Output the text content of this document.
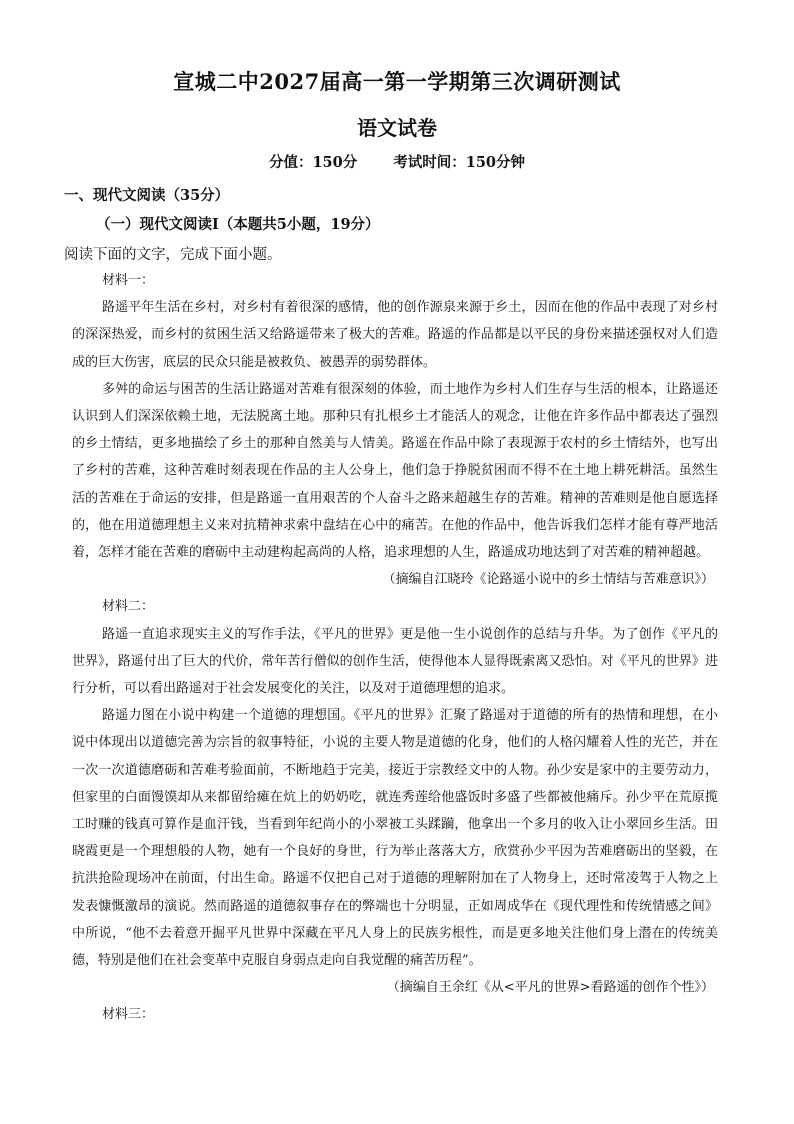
宣城二中2027届高一第一学期第三次调研测试
语文试卷
分值：150分 考试时间：150分钟
一、现代文阅读（35分）
（一）现代文阅读Ⅰ（本题共5小题，19分）
阅读下面的文字，完成下面小题。
材料一：

路遥平年生活在乡村，对乡村有着很深的感情，他的创作源泉来源于乡土，因而在他的作品中表现了对乡村的深深热爱，而乡村的贫困生活又给路遥带来了极大的苦难。路遥的作品都是以平民的身份来描述强权对人们造成的巨大伤害，底层的民众只能是被救负、被愚弄的弱势群体。

多舛的命运与困苦的生活让路遥对苦难有很深刻的体验，而土地作为乡村人们生存与生活的根本，让路遥还认识到人们深深依赖土地，无法脱离土地。那种只有扎根乡土才能活人的观念，让他在许多作品中都表达了强烈的乡土情结，更多地描绘了乡土的那种自然美与人情美。路遥在作品中除了表现源于农村的乡土情结外，也写出了乡村的苦难，这种苦难时刻表现在作品的主人公身上，他们急于挣脱贫困而不得不在土地上耕死耕活。虽然生活的苦难在于命运的安排，但是路遥一直用艰苦的个人奋斗之路来超越生存的苦难。精神的苦难则是他自愿选择的，他在用道德理想主义来对抗精神求索中盘结在心中的痛苦。在他的作品中，他告诉我们怎样才能有尊严地活着，怎样才能在苦难的磨砺中主动建构起高尚的人格，追求理想的人生，路遥成功地达到了对苦难的精神超越。

（摘编自江晓玲《论路遥小说中的乡土情结与苦难意识》）
材料二：

路遥一直追求现实主义的写作手法，《平凡的世界》更是他一生小说创作的总结与升华。为了创作《平凡的世界》，路遥付出了巨大的代价，常年苦行僧似的创作生活，使得他本人显得既索离又恐怕。对《平凡的世界》进行分析，可以看出路遥对于社会发展变化的关注，以及对于道德理想的追求。

路遥力图在小说中构建一个道德的理想国。《平凡的世界》汇聚了路遥对于道德的所有的热情和理想，在小说中体现出以道德完善为宗旨的叙事特征，小说的主要人物是道德的化身，他们的人格闪耀着人性的光芒，并在一次一次道德磨砺和苦难考验面前，不断地趋于完美，接近于宗教经文中的人物。孙少安是家中的主要劳动力，但家里的白面馒馍却从来都留给瘫在炕上的奶奶吃，就连秀莲给他盛饭时多盛了些都被他痛斥。孙少平在荒原揽工时赚的钱真可算作是血汗钱，当看到年纪尚小的小翠被工头蹂躏，他拿出一个多月的收入让小翠回乡生活。田晓霞更是一个理想般的人物，她有一个良好的身世，行为举止落落大方，欣赏孙少平因为苦难磨砺出的坚毅，在抗洪抢险现场冲在前面，付出生命。路遥不仅把自己对于道德的理解附加在了人物身上，还时常凌驾于人物之上发表慷慨激昂的演说。然而路遥的道德叙事存在的弊端也十分明显，正如周成华在《现代理性和传统情感之间》中所说，“他不去着意开掘平凡世界中深藏在平凡人身上的民族劣根性，而是更多地关注他们身上潜在的传统美德，特别是他们在社会变革中克服自身弱点走向自我觉醒的痛苦历程”。

（摘编自王余红《从<平凡的世界>看路遥的创作个性》）
材料三：
